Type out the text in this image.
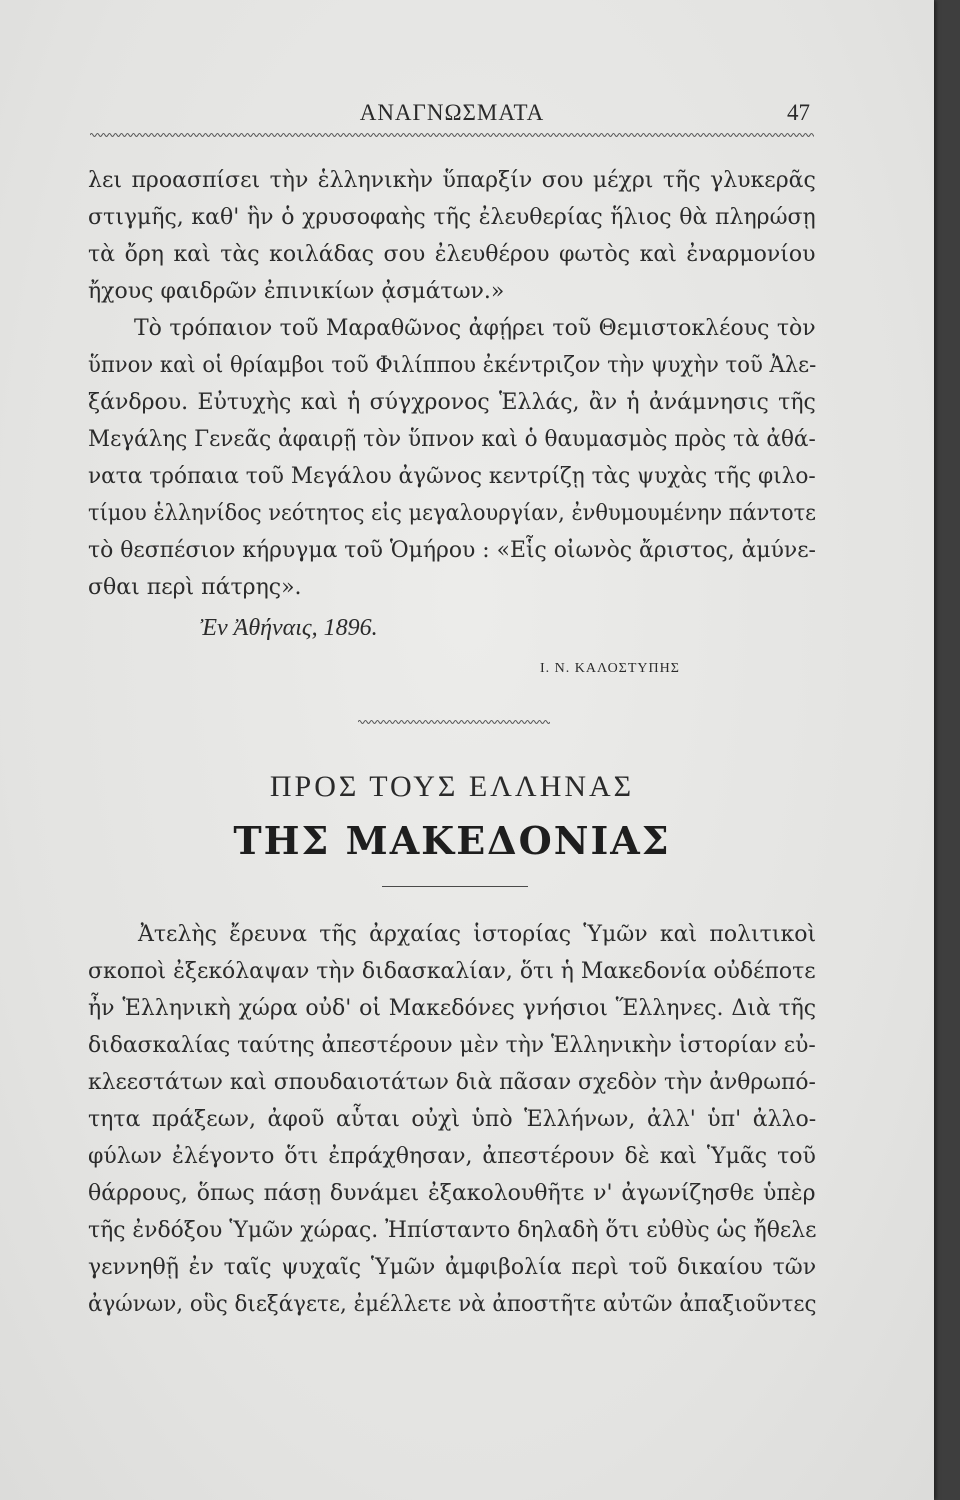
ΑΝΑΓΝΩΣΜΑΤΑ	47
λει προασπίσει τὴν ἑλληνικὴν ὕπαρξίν σου μέχρι τῆς γλυκερᾶς
στιγμῆς, καθ' ἣν ὁ χρυσοφαὴς τῆς ἐλευθερίας ἥλιος θὰ πληρώσῃ
τὰ ὄρη καὶ τὰς κοιλάδας σου ἐλευθέρου φωτὸς καὶ ἐναρμονίου
ἤχους φαιδρῶν ἐπινικίων ᾀσμάτων.»
Τὸ τρόπαιον τοῦ Μαραθῶνος ἀφῄρει τοῦ Θεμιστοκλέους τὸν
ὕπνον καὶ οἱ θρίαμβοι τοῦ Φιλίππου ἐκέντριζον τὴν ψυχὴν τοῦ Ἀλε-
ξάνδρου. Εὐτυχὴς καὶ ἡ σύγχρονος Ἑλλάς, ἂν ἡ ἀνάμνησις τῆς
Μεγάλης Γενεᾶς ἀφαιρῇ τὸν ὕπνον καὶ ὁ θαυμασμὸς πρὸς τὰ ἀθά-
νατα τρόπαια τοῦ Μεγάλου ἀγῶνος κεντρίζῃ τὰς ψυχὰς τῆς φιλο-
τίμου ἑλληνίδος νεότητος εἰς μεγαλουργίαν, ἐνθυμουμένην πάντοτε
τὸ θεσπέσιον κήρυγμα τοῦ Ὁμήρου : «Εἷς οἰωνὸς ἄριστος, ἀμύνε-
σθαι περὶ πάτρης».
Ἐν Ἀθήναις, 1896.
Ι. Ν. ΚΑΛΟΣΤΥΠΗΣ
ΠΡΟΣ ΤΟΥΣ ΕΛΛΗΝΑΣ
ΤΗΣ ΜΑΚΕΔΟΝΙΑΣ
Ἀτελὴς ἔρευνα τῆς ἀρχαίας ἱστορίας Ὑμῶν καὶ πολιτικοὶ
σκοποὶ ἐξεκόλαψαν τὴν διδασκαλίαν, ὅτι ἡ Μακεδονία οὐδέποτε
ἦν Ἑλληνικὴ χώρα οὐδ' οἱ Μακεδόνες γνήσιοι Ἕλληνες. Διὰ τῆς
διδασκαλίας ταύτης ἀπεστέρουν μὲν τὴν Ἑλληνικὴν ἱστορίαν εὐ-
κλεεστάτων καὶ σπουδαιοτάτων διὰ πᾶσαν σχεδὸν τὴν ἀνθρωπό-
τητα πράξεων, ἀφοῦ αὗται οὐχὶ ὑπὸ Ἑλλήνων, ἀλλ' ὑπ' ἀλλο-
φύλων ἐλέγοντο ὅτι ἐπράχθησαν, ἀπεστέρουν δὲ καὶ Ὑμᾶς τοῦ
θάρρους, ὅπως πάσῃ δυνάμει ἐξακολουθῆτε ν' ἀγωνίζησθε ὑπὲρ
τῆς ἐνδόξου Ὑμῶν χώρας. Ἠπίσταντο δηλαδὴ ὅτι εὐθὺς ὡς ἤθελε
γεννηθῇ ἐν ταῖς ψυχαῖς Ὑμῶν ἀμφιβολία περὶ τοῦ δικαίου τῶν
ἀγώνων, οὓς διεξάγετε, ἐμέλλετε νὰ ἀποστῆτε αὐτῶν ἀπαξιοῦντες
